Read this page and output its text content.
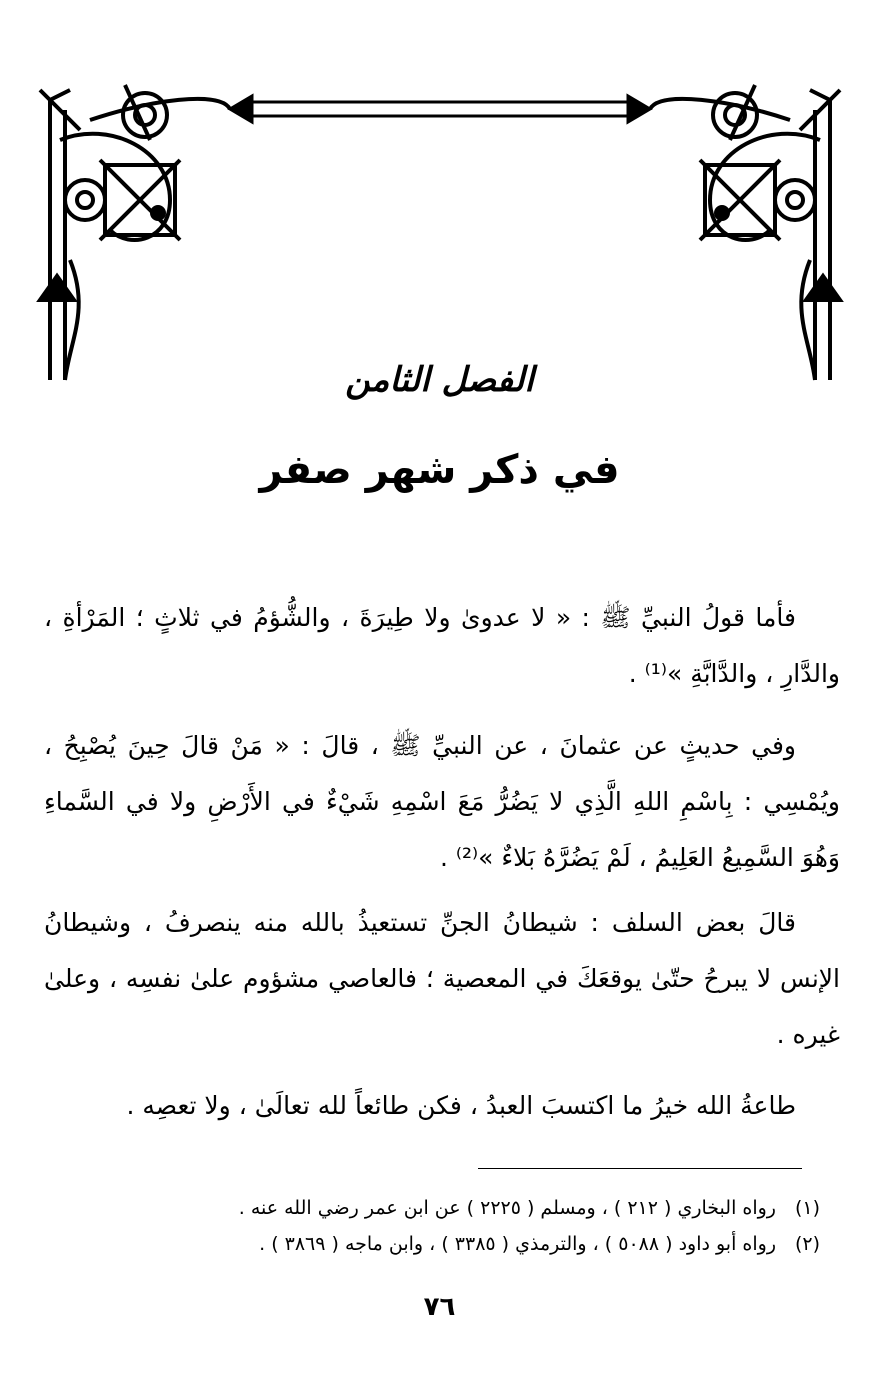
الفصل الثامن
في ذكر شهر صفر

فأما قولُ النبيِّ ﷺ : « لا عدوىٰ ولا طِيرَةَ ، والشُّؤمُ في ثلاثٍ ؛ المَرْأةِ ، والدَّارِ ، والدَّابَّةِ »⁽¹⁾ .

وفي حديثٍ عن عثمانَ ، عن النبيِّ ﷺ ، قالَ : « مَنْ قالَ حِينَ يُصْبِحُ ، ويُمْسِي : بِاسْمِ اللهِ الَّذِي لا يَضُرُّ مَعَ اسْمِهِ شَيْءٌ في الأَرْضِ ولا في السَّماءِ وَهُوَ السَّمِيعُ العَلِيمُ ، لَمْ يَضُرَّهُ بَلاءٌ »⁽²⁾ .

قالَ بعض السلف : شيطانُ الجنِّ تستعيذُ بالله منه ينصرفُ ، وشيطانُ الإنس لا يبرحُ حتّىٰ يوقعَكَ في المعصية ؛ فالعاصي مشؤوم علىٰ نفسِه ، وعلىٰ غيره .

طاعةُ الله خيرُ ما اكتسبَ العبدُ ، فكن طائعاً لله تعالَىٰ ، ولا تعصِه .

(١)
رواه البخاري ( ٢١٢ ) ، ومسلم ( ٢٢٢٥ ) عن ابن عمر رضي الله عنه .
(٢)
رواه أبو داود ( ٥٠٨٨ ) ، والترمذي ( ٣٣٨٥ ) ، وابن ماجه ( ٣٨٦٩ ) .
٧٦
